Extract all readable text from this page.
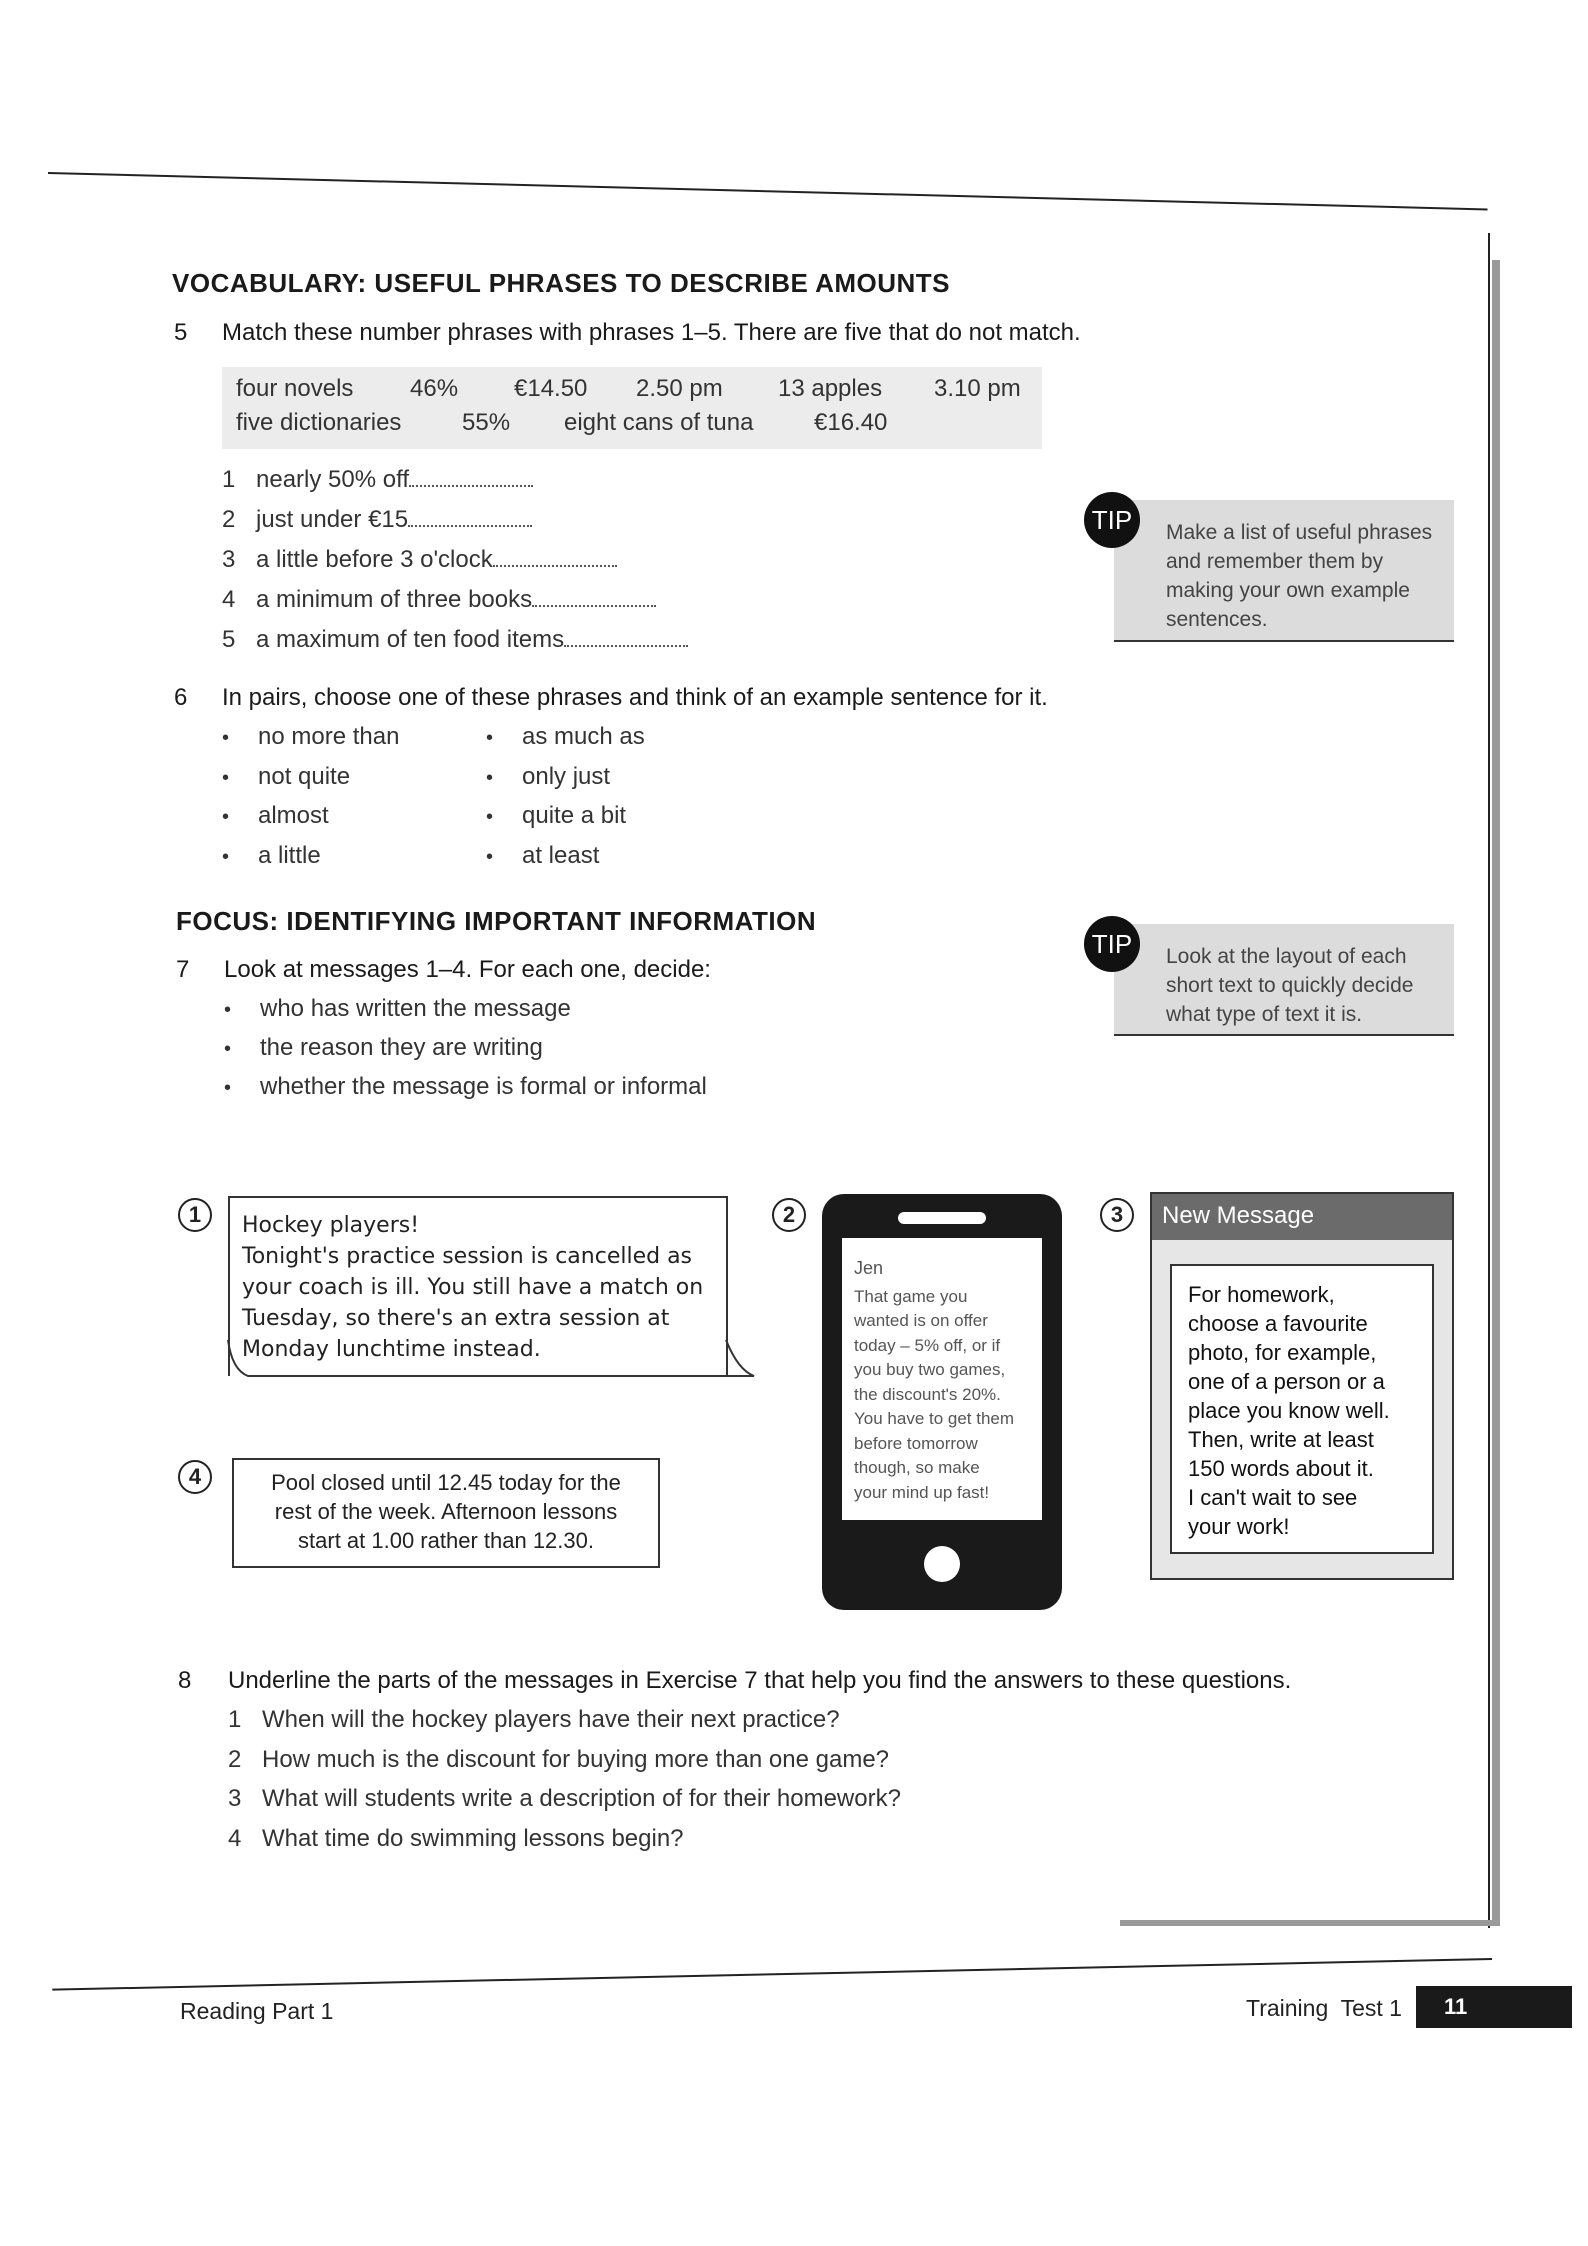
VOCABULARY: USEFUL PHRASES TO DESCRIBE AMOUNTS
5 Match these number phrases with phrases 1–5. There are five that do not match.
four novels 46% €14.50 2.50 pm 13 apples 3.10 pm
five dictionaries	55% eight cans of tuna	€16.40
1 nearly 50% off
2 just under €15
3 a little before 3 o'clock
4 a minimum of three books
5 a maximum of ten food items
Make a list of useful phrases and remember them by making your own example sentences.
TIP
6 In pairs, choose one of these phrases and think of an example sentence for it.
• no more than
• not quite
• almost
• a little
• as much as
• only just
• quite a bit
• at least
FOCUS: IDENTIFYING IMPORTANT INFORMATION
7 Look at messages 1–4. For each one, decide:
• who has written the message
• the reason they are writing
• whether the message is formal or informal
Look at the layout of each short text to quickly decide what type of text it is.
TIP
1	Hockey players!
Tonight's practice session is cancelled as
your coach is ill. You still have a match on
Tuesday, so there's an extra session at
Monday lunchtime instead.
4	Pool closed until 12.45 today for the
rest of the week. Afternoon lessons
start at 1.00 rather than 12.30.
2
Jen
That game you
wanted is on offer
today – 5% off, or if
you buy two games,
the discount's 20%.
You have to get them
before tomorrow
though, so make
your mind up fast!
3	New Message
For homework,
choose a favourite
photo, for example,
one of a person or a
place you know well.
Then, write at least
150 words about it.
I can't wait to see
your work!
8 Underline the parts of the messages in Exercise 7 that help you find the answers to these questions.
1 When will the hockey players have their next practice?
2 How much is the discount for buying more than one game?
3 What will students write a description of for their homework?
4 What time do swimming lessons begin?
Reading Part 1	Training  Test 1	11
